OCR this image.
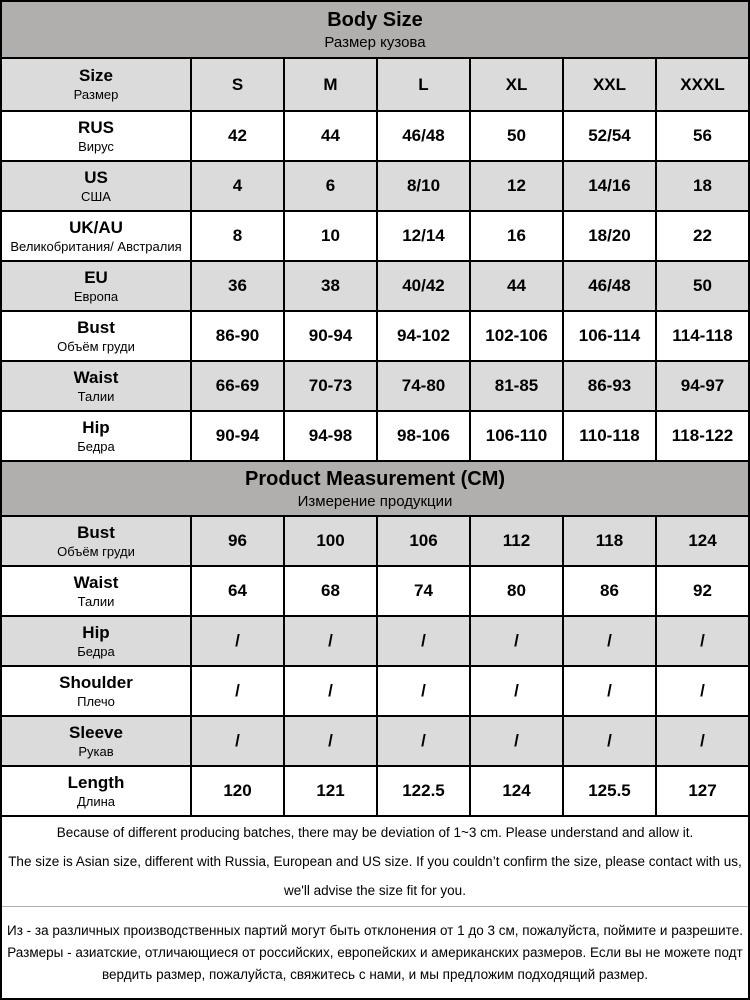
Body Size
Размер кузова						

Size
Размер	S	M	L	XL	XXL	XXXL

RUS
Вирус	42	44	46/48	50	52/54	56

US
США	4	6	8/10	12	14/16	18

UK/AU
Великобритания/ Австралия	8	10	12/14	16	18/20	22

EU
Европа	36	38	40/42	44	46/48	50

Bust
Объём груди	86-90	90-94	94-102	102-106	106-114	114-118

Waist
Талии	66-69	70-73	74-80	81-85	86-93	94-97

Hip
Бедра	90-94	94-98	98-106	106-110	110-118	118-122

Product Measurement (CM)
Измерение продукции						

Bust
Объём груди	96	100	106	112	118	124

Waist
Талии	64	68	74	80	86	92

Hip
Бедра	/	/	/	/	/	/

Shoulder
Плечо	/	/	/	/	/	/

Sleeve
Рукав	/	/	/	/	/	/

Length
Длина	120	121	122.5	124	125.5	127
Because of different producing batches, there may be deviation of 1~3 cm. Please understand and allow it.
The size is Asian size, different with Russia, European and US size. If you couldn’t confirm the size, please contact with us, we'll advise the size fit for you.
Из - за различных производственных партий могут быть отклонения от 1 до 3 см, пожалуйста, поймите и разрешите.
Размеры - азиатские, отличающиеся от российских, европейских и американских размеров. Если вы не можете подтвердить размер, пожалуйста, свяжитесь с нами, и мы предложим подходящий размер.
